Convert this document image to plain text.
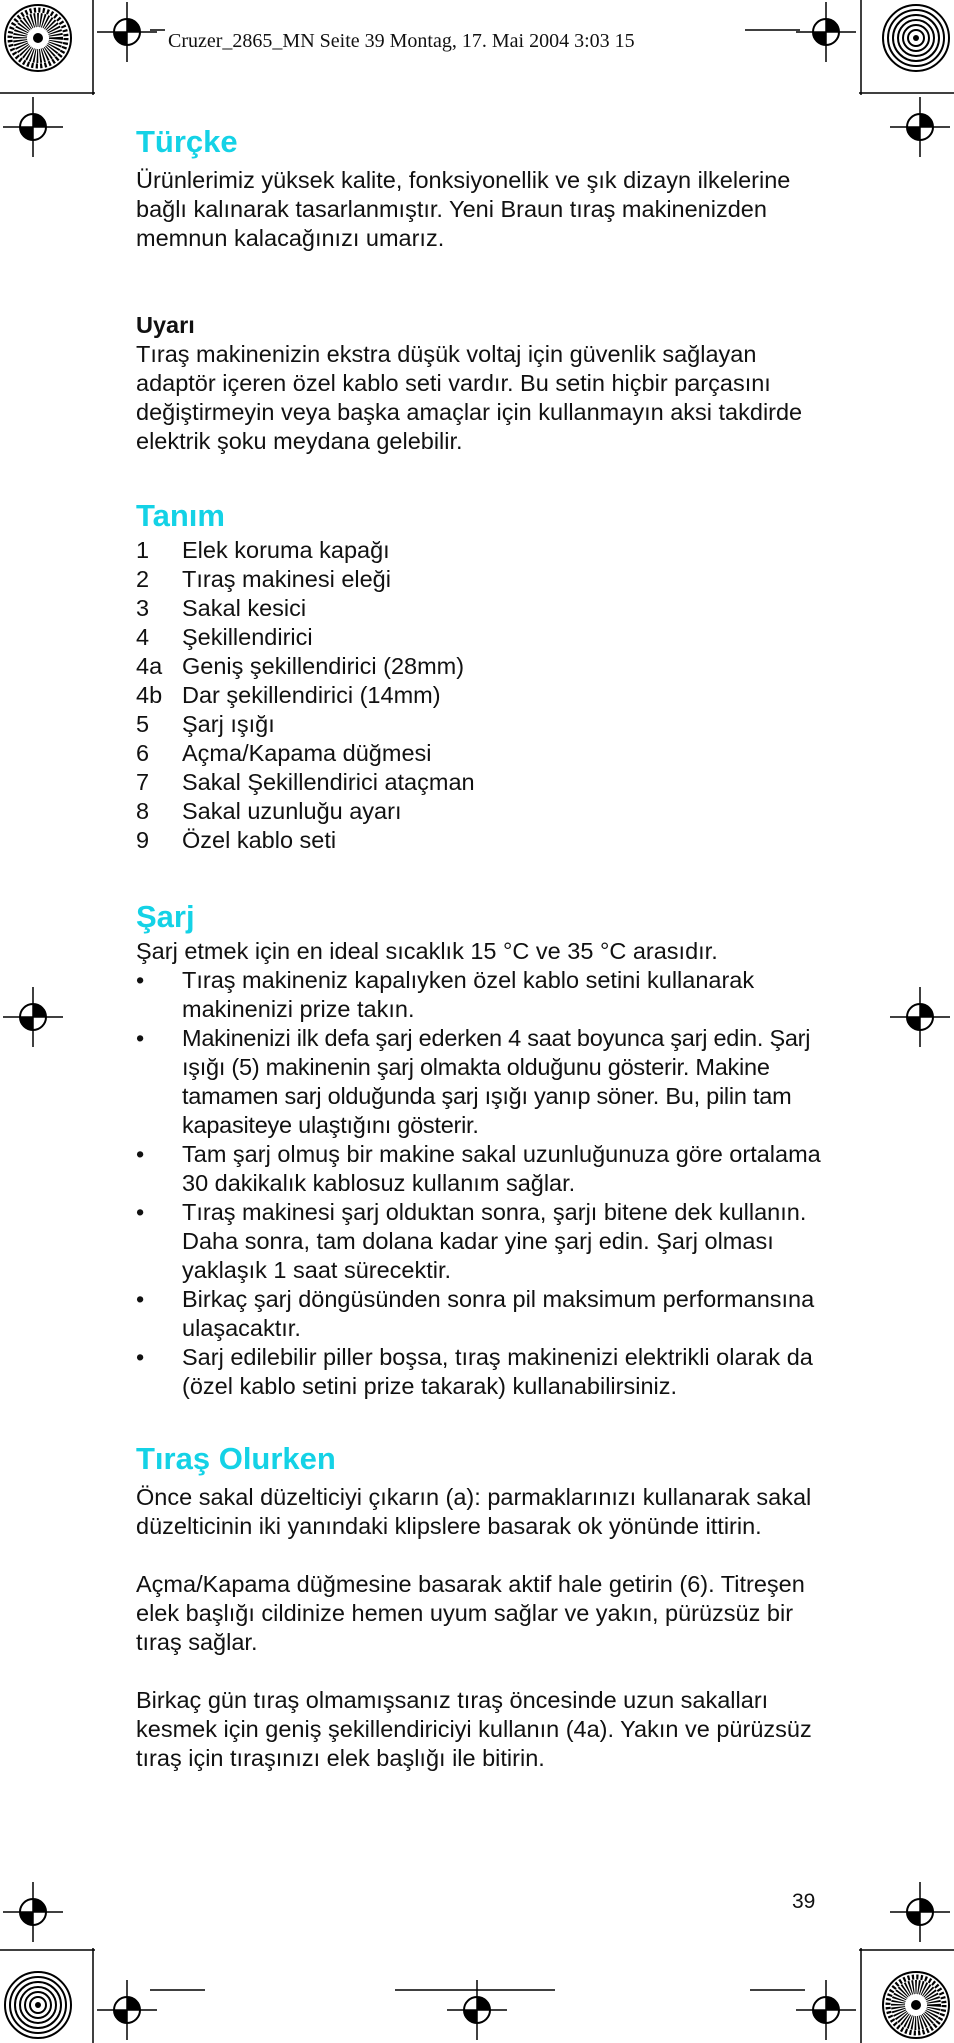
Cruzer_2865_MN Seite 39 Montag, 17. Mai 2004 3:03 15
Türçke

Ürünlerimiz yüksek kalite, fonksiyonellik ve şık dizayn ilkelerine bağlı kalınarak tasarlanmıştır. Yeni Braun tıraş makinenizden memnun kalacağınızı umarız.

Uyarı

Tıraş makinenizin ekstra düşük voltaj için güvenlik sağlayan adaptör içeren özel kablo seti vardır. Bu setin hiçbir parçasını değiştirmeyin veya başka amaçlar için kullanmayın aksi takdirde elektrik şoku meydana gelebilir.

Tanım
1	Elek koruma kapağı
2	Tıraş makinesi eleği
3	Sakal kesici
4	Şekillendirici
4a Geniş şekillendirici (28mm)
4b Dar şekillendirici (14mm)
5	Şarj ışığı
6	Açma/Kapama düğmesi
7	Sakal Şekillendirici ataçman
8	Sakal uzunluğu ayarı
9	Özel kablo seti
Şarj

Şarj etmek için en ideal sıcaklık 15 °C ve 35 °C arasıdır.

•	Tıraş makineniz kapalıyken özel kablo setini kullanarak makinenizi prize takın.
•	Makinenizi ilk defa şarj ederken 4 saat boyunca şarj edin. Şarj ışığı (5) makinenin şarj olmakta olduğunu gösterir. Makine tamamen sarj olduğunda şarj ışığı yanıp söner. Bu, pilin tam kapasiteye ulaştığını gösterir.
•	Tam şarj olmuş bir makine sakal uzunluğunuza göre ortalama 30 dakikalık kablosuz kullanım sağlar.
•	Tıraş makinesi şarj olduktan sonra, şarjı bitene dek kullanın. Daha sonra, tam dolana kadar yine şarj edin. Şarj olması yaklaşık 1 saat sürecektir.
•	Birkaç şarj döngüsünden sonra pil maksimum performansına ulaşacaktır.
•	Sarj edilebilir piller boşsa, tıraş makinenizi elektrikli olarak da (özel kablo setini prize takarak) kullanabilirsiniz.
Tıraş Olurken

Önce sakal düzelticiyi çıkarın (a): parmaklarınızı kullanarak sakal düzelticinin iki yanındaki klipslere basarak ok yönünde ittirin.

Açma/Kapama düğmesine basarak aktif hale getirin (6). Titreşen elek başlığı cildinize hemen uyum sağlar ve yakın, pürüzsüz bir tıraş sağlar.

Birkaç gün tıraş olmamışsanız tıraş öncesinde uzun sakalları kesmek için geniş şekillendiriciyi kullanın (4a). Yakın ve pürüzsüz tıraş için tıraşınızı elek başlığı ile bitirin.

39
